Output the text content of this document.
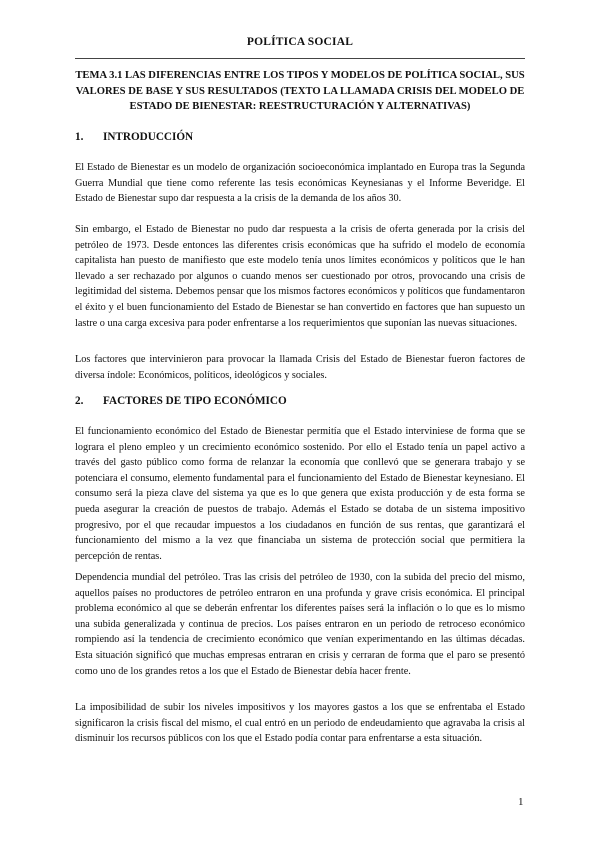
POLÍTICA SOCIAL
TEMA 3.1 LAS DIFERENCIAS ENTRE LOS TIPOS Y MODELOS DE POLÍTICA SOCIAL, SUS VALORES DE BASE Y SUS RESULTADOS (TEXTO LA LLAMADA CRISIS DEL MODELO DE ESTADO DE BIENESTAR: REESTRUCTURACIÓN Y ALTERNATIVAS)
1. INTRODUCCIÓN

El Estado de Bienestar es un modelo de organización socioeconómica implantado en Europa tras la Segunda Guerra Mundial que tiene como referente las tesis económicas Keynesianas y el Informe Beveridge. El Estado de Bienestar supo dar respuesta a la crisis de la demanda de los años 30.

Sin embargo, el Estado de Bienestar no pudo dar respuesta a la crisis de oferta generada por la crisis del petróleo de 1973. Desde entonces las diferentes crisis económicas que ha sufrido el modelo de economía capitalista han puesto de manifiesto que este modelo tenía unos límites económicos y políticos que le han llevado a ser rechazado por algunos o cuando menos ser cuestionado por otros, provocando una crisis de legitimidad del sistema. Debemos pensar que los mismos factores económicos y políticos que fundamentaron el éxito y el buen funcionamiento del Estado de Bienestar se han convertido en factores que han supuesto un lastre o una carga excesiva para poder enfrentarse a los requerimientos que suponían las nuevas situaciones.

Los factores que intervinieron para provocar la llamada Crisis del Estado de Bienestar fueron factores de diversa índole: Económicos, políticos, ideológicos y sociales.

2. FACTORES DE TIPO ECONÓMICO

El funcionamiento económico del Estado de Bienestar permitía que el Estado interviniese de forma que se lograra el pleno empleo y un crecimiento económico sostenido. Por ello el Estado tenía un papel activo a través del gasto público como forma de relanzar la economía que conllevó que se generara trabajo y se potenciara el consumo, elemento fundamental para el funcionamiento del Estado de Bienestar keynesiano. El consumo será la pieza clave del sistema ya que es lo que genera que exista producción y de esta forma se pueda asegurar la creación de puestos de trabajo. Además el Estado se dotaba de un sistema impositivo progresivo, por el que recaudar impuestos a los ciudadanos en función de sus rentas, que garantizará el funcionamiento del mismo a la vez que financiaba un sistema de protección social que permitiera la percepción de rentas.

Dependencia mundial del petróleo. Tras las crisis del petróleo de 1930, con la subida del precio del mismo, aquellos países no productores de petróleo entraron en una profunda y grave crisis económica. El principal problema económico al que se deberán enfrentar los diferentes países será la inflación o lo que es lo mismo una subida generalizada y continua de precios. Los países entraron en un periodo de retroceso económico rompiendo así la tendencia de crecimiento económico que venían experimentando en las últimas décadas. Esta situación significó que muchas empresas entraran en crisis y cerraran de forma que el paro se presentó como uno de los grandes retos a los que el Estado de Bienestar debía hacer frente.

La imposibilidad de subir los niveles impositivos y los mayores gastos a los que se enfrentaba el Estado significaron la crisis fiscal del mismo, el cual entró en un periodo de endeudamiento que agravaba la crisis al disminuir los recursos públicos con los que el Estado podía contar para enfrentarse a esta situación.

1
